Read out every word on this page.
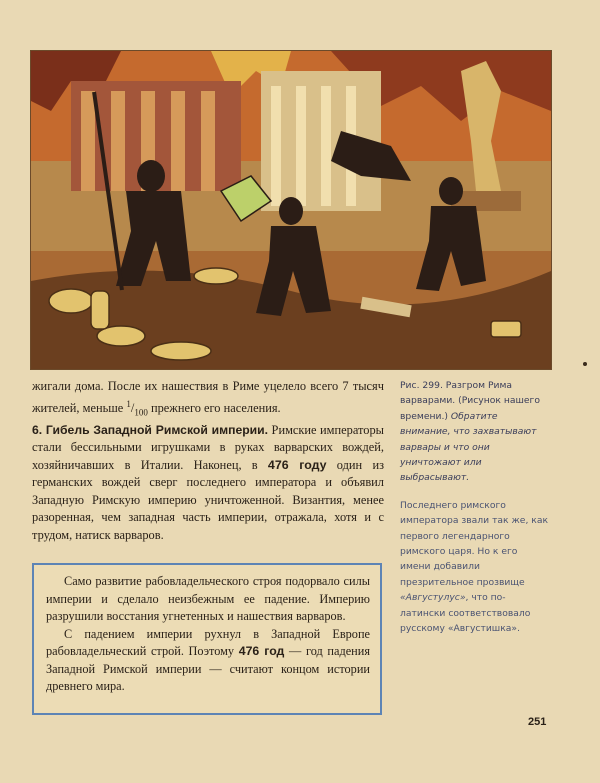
жигали дома. После их нашествия в Риме уцелело всего 7 тысяч жителей, меньше $^1/_{100}$ прежнего его населения.

6. Гибель Западной Римской империи. Римские императоры стали бессильными игрушками в руках варварских вождей, хозяйничавших в Италии. Наконец, в 476 году один из германских вождей сверг последнего императора и объявил Западную Римскую империю уничтоженной. Византия, менее разоренная, чем западная часть империи, отражала, хотя и с трудом, натиск варваров.

Рис. 299. Разгром Рима варварами. (Рисунок нашего времени.) Обратите внимание, что захватывают варвары и что они уничтожают или выбрасывают.

Последнего римского императора звали так же, как первого легендарного римского царя. Но к его имени добавили презрительное прозвище «Августулус», что по-латински соответствовало русскому «Августишка».

Само развитие рабовладельческого строя подорвало силы империи и сделало неизбежным ее падение. Империю разрушили восстания угнетенных и нашествия варваров.

С падением империи рухнул в Западной Европе рабовладельческий строй. Поэтому 476 год — год падения Западной Римской империи — считают концом истории древнего мира.

251
